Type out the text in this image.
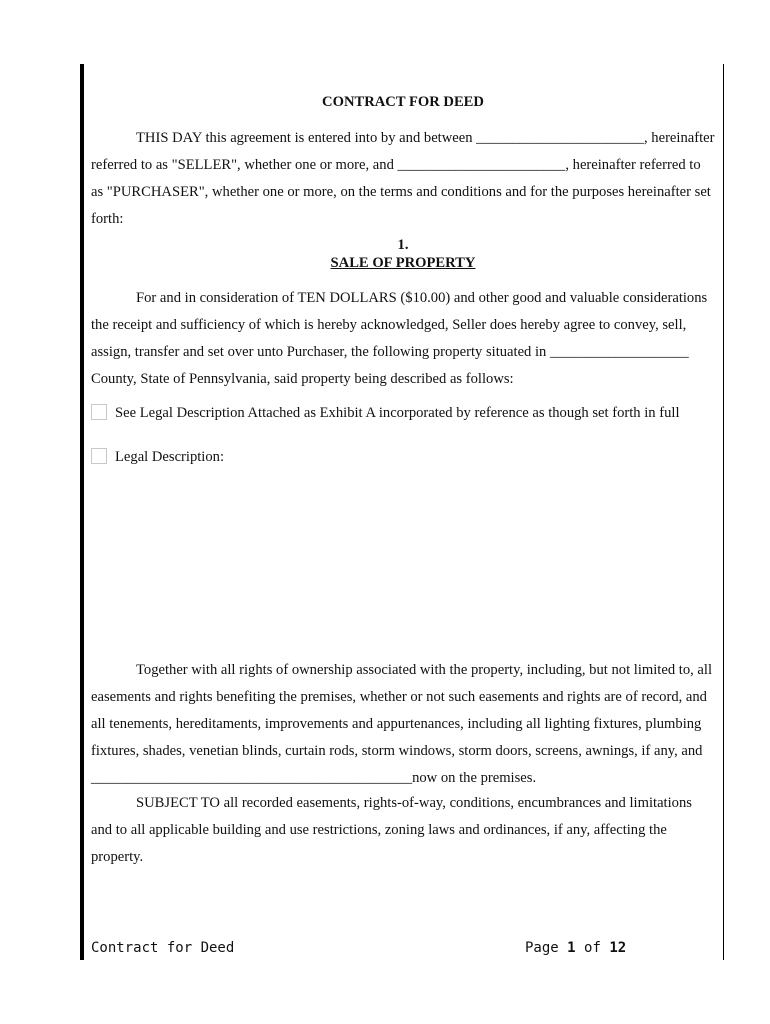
CONTRACT FOR DEED
THIS DAY this agreement is entered into by and between _______________________, hereinafter referred to as "SELLER", whether one or more, and _______________________, hereinafter referred to as "PURCHASER", whether one or more, on the terms and conditions and for the purposes hereinafter set forth:
1.
SALE OF PROPERTY
For and in consideration of TEN DOLLARS ($10.00) and other good and valuable considerations the receipt and sufficiency of which is hereby acknowledged, Seller does hereby agree to convey, sell, assign, transfer and set over unto Purchaser, the following property situated in ___________________ County, State of Pennsylvania, said property being described as follows:
See Legal Description Attached as Exhibit A incorporated by reference as though set forth in full
Legal Description:
Together with all rights of ownership associated with the property, including, but not limited to, all easements and rights benefiting the premises, whether or not such easements and rights are of record, and all tenements, hereditaments, improvements and appurtenances, including all lighting fixtures, plumbing fixtures, shades, venetian blinds, curtain rods, storm windows, storm doors, screens, awnings, if any, and ____________________________________________now on the premises.
SUBJECT TO all recorded easements, rights-of-way, conditions, encumbrances and limitations and to all applicable building and use restrictions, zoning laws and ordinances, if any, affecting the property.
Contract for Deed	Page 1 of 12
